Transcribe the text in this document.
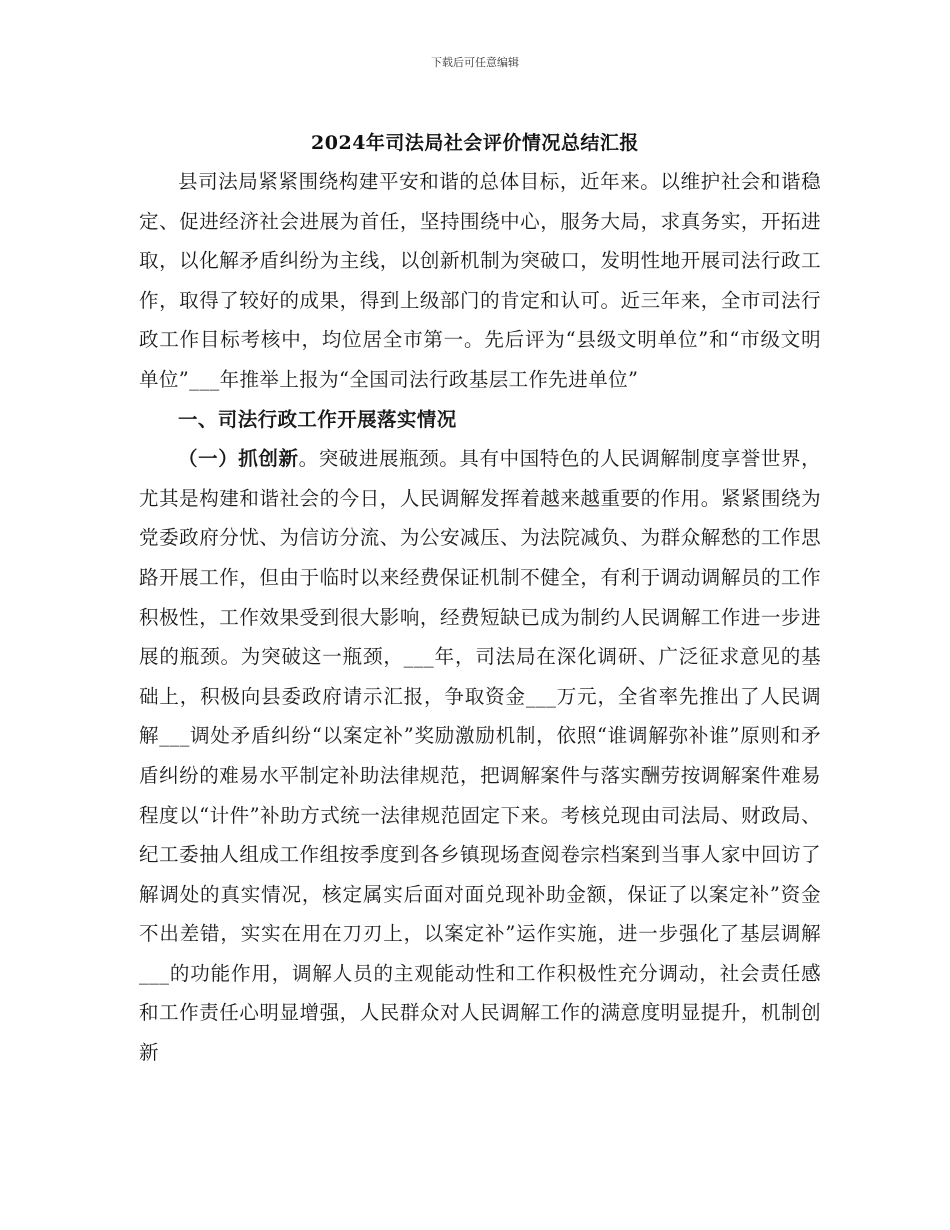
下载后可任意编辑
2024年司法局社会评价情况总结汇报

县司法局紧紧围绕构建平安和谐的总体目标，近年来。以维护社会和谐稳定、促进经济社会进展为首任，坚持围绕中心，服务大局，求真务实，开拓进取，以化解矛盾纠纷为主线，以创新机制为突破口，发明性地开展司法行政工作，取得了较好的成果，得到上级部门的肯定和认可。近三年来，全市司法行政工作目标考核中，均位居全市第一。先后评为“县级文明单位”和“市级文明单位”___年推举上报为“全国司法行政基层工作先进单位”

一、司法行政工作开展落实情况

（一）抓创新。突破进展瓶颈。具有中国特色的人民调解制度享誉世界，尤其是构建和谐社会的今日，人民调解发挥着越来越重要的作用。紧紧围绕为党委政府分忧、为信访分流、为公安减压、为法院减负、为群众解愁的工作思路开展工作，但由于临时以来经费保证机制不健全，有利于调动调解员的工作积极性，工作效果受到很大影响，经费短缺已成为制约人民调解工作进一步进展的瓶颈。为突破这一瓶颈，___年，司法局在深化调研、广泛征求意见的基础上，积极向县委政府请示汇报，争取资金___万元，全省率先推出了人民调解___调处矛盾纠纷“以案定补”奖励激励机制，依照“谁调解弥补谁”原则和矛盾纠纷的难易水平制定补助法律规范，把调解案件与落实酬劳按调解案件难易程度以“计件”补助方式统一法律规范固定下来。考核兑现由司法局、财政局、纪工委抽人组成工作组按季度到各乡镇现场查阅卷宗档案到当事人家中回访了解调处的真实情况，核定属实后面对面兑现补助金额，保证了以案定补”资金不出差错，实实在用在刀刃上，以案定补”运作实施，进一步强化了基层调解___的功能作用，调解人员的主观能动性和工作积极性充分调动，社会责任感和工作责任心明显增强，人民群众对人民调解工作的满意度明显提升，机制创新
